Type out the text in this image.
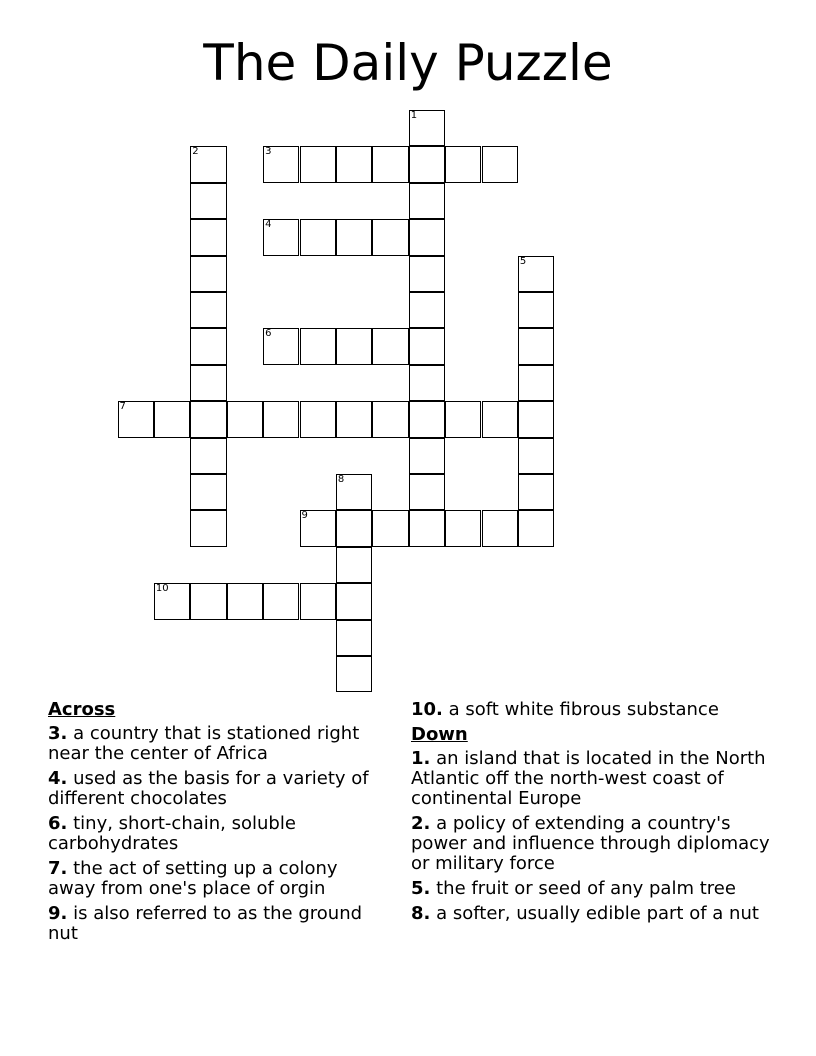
The Daily Puzzle
1
2	3
4
5
6
7
8
9
10
Across
3. a country that is stationed right near the center of Africa
4. used as the basis for a variety of different chocolates
6. tiny, short-chain, soluble carbohydrates
7. the act of setting up a colony away from one's place of orgin
9. is also referred to as the ground nut
10. a soft white fibrous substance
Down
1. an island that is located in the North Atlantic off the north-west coast of continental Europe
2. a policy of extending a country's power and influence through diplomacy or military force
5. the fruit or seed of any palm tree
8. a softer, usually edible part of a nut
